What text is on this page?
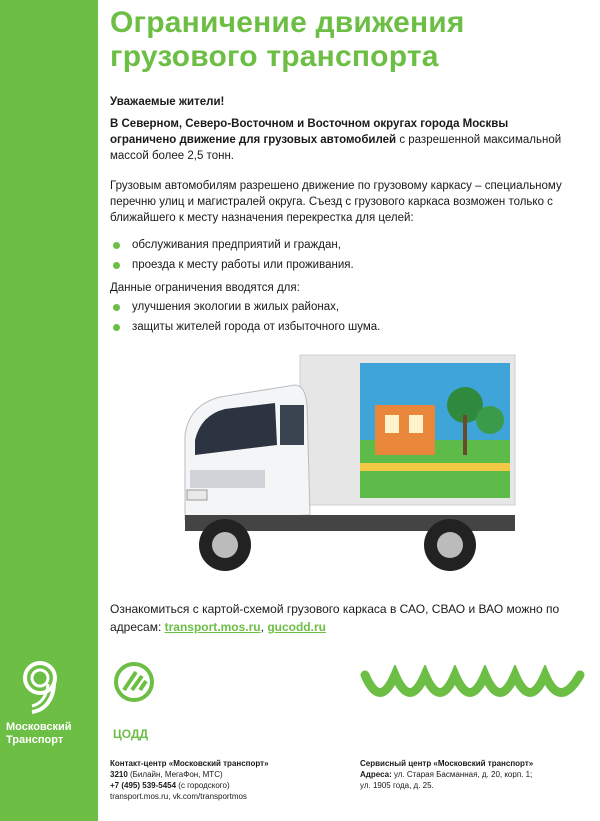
Московский
Транспорт
Ограничение движения
грузового транспорта
Уважаемые жители!
В Северном, Северо-Восточном и Восточном округах города Москвы ограничено движение для грузовых автомобилей с разрешенной максимальной массой более 2,5 тонн.
Грузовым автомобилям разрешено движение по грузовому каркасу – специальному перечню улиц и магистралей округа. Съезд с грузового каркаса возможен только с ближайшего к месту назначения перекрестка для целей:
обслуживания предприятий и граждан,
проезда к месту работы или проживания.
Данные ограничения вводятся для:
улучшения экологии в жилых районах,
защиты жителей города от избыточного шума.
Ознакомиться с картой-схемой грузового каркаса в САО, СВАО и ВАО можно по адресам: transport.mos.ru, gucodd.ru
ЦОДД
Контакт-центр «Московский транспорт»
3210 (Билайн, МегаФон, МТС)
+7 (495) 539-5454 (с городского)
transport.mos.ru, vk.com/transportmos
Сервисный центр «Московский транспорт»
Адреса: ул. Старая Басманная, д. 20, корп. 1;
ул. 1905 года, д. 25.
